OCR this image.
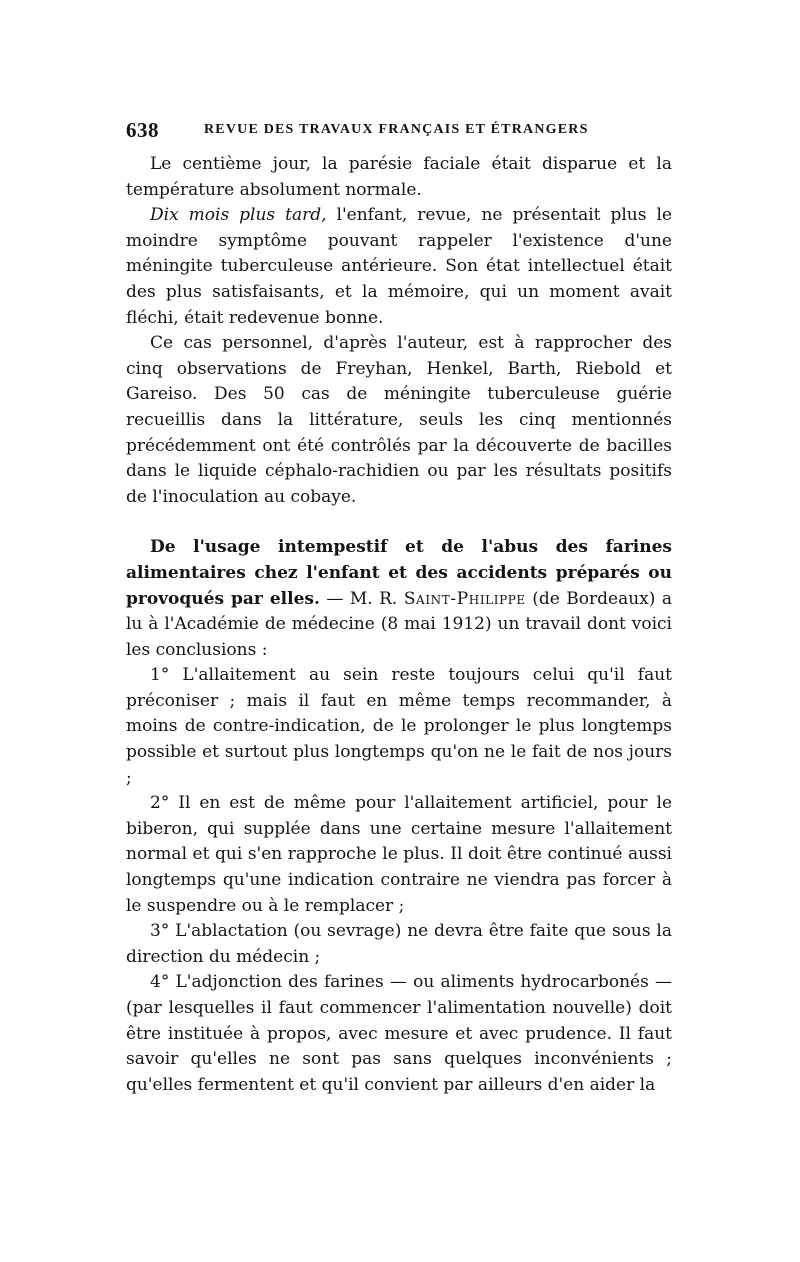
638	REVUE DES TRAVAUX FRANÇAIS ET ÉTRANGERS

Le centième jour, la parésie faciale était disparue et la température absolument normale.

Dix mois plus tard, l'enfant, revue, ne présentait plus le moindre symptôme pouvant rappeler l'existence d'une méningite tuberculeuse antérieure. Son état intellectuel était des plus satisfaisants, et la mémoire, qui un moment avait fléchi, était redevenue bonne.

Ce cas personnel, d'après l'auteur, est à rapprocher des cinq observations de Freyhan, Henkel, Barth, Riebold et Gareiso. Des 50 cas de méningite tuberculeuse guérie recueillis dans la littérature, seuls les cinq mentionnés précédemment ont été contrôlés par la découverte de bacilles dans le liquide céphalo-rachidien ou par les résultats positifs de l'inoculation au cobaye.

De l'usage intempestif et de l'abus des farines alimentaires chez l'enfant et des accidents préparés ou provoqués par elles. — M. R. Saint-Philippe (de Bordeaux) a lu à l'Académie de médecine (8 mai 1912) un travail dont voici les conclusions :

1° L'allaitement au sein reste toujours celui qu'il faut préconiser ; mais il faut en même temps recommander, à moins de contre-indication, de le prolonger le plus longtemps possible et surtout plus longtemps qu'on ne le fait de nos jours ;

2° Il en est de même pour l'allaitement artificiel, pour le biberon, qui supplée dans une certaine mesure l'allaitement normal et qui s'en rapproche le plus. Il doit être continué aussi longtemps qu'une indication contraire ne viendra pas forcer à le suspendre ou à le remplacer ;

3° L'ablactation (ou sevrage) ne devra être faite que sous la direction du médecin ;

4° L'adjonction des farines — ou aliments hydrocarbonés — (par lesquelles il faut commencer l'alimentation nouvelle) doit être instituée à propos, avec mesure et avec prudence. Il faut savoir qu'elles ne sont pas sans quelques inconvénients ; qu'elles fermentent et qu'il convient par ailleurs d'en aider la
